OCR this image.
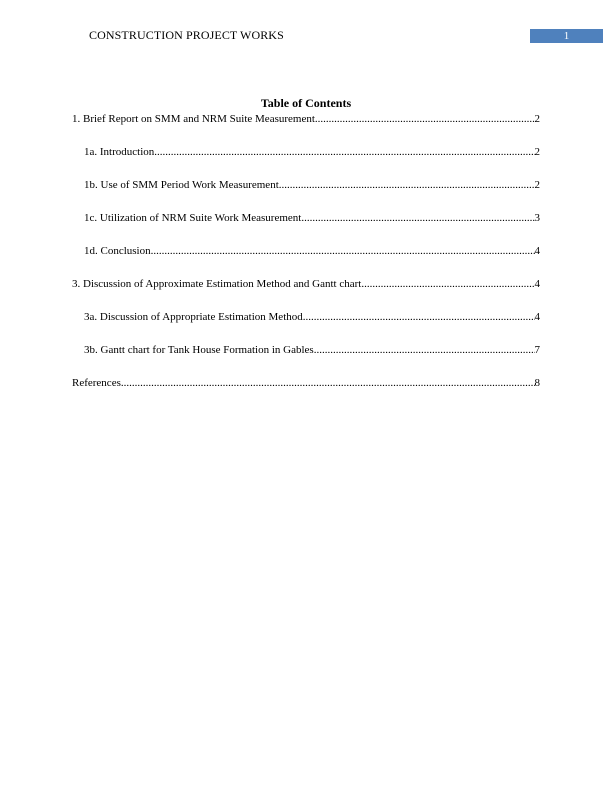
CONSTRUCTION PROJECT WORKS	1
Table of Contents
1. Brief Report on SMM and NRM Suite Measurement .....	2
1a. Introduction .....	2
1b. Use of SMM Period Work Measurement .....	2
1c. Utilization of NRM Suite Work Measurement .....	3
1d. Conclusion .....	4
3. Discussion of Approximate Estimation Method and Gantt chart .....	4
3a. Discussion of Appropriate Estimation Method .....	4
3b. Gantt chart for Tank House Formation in Gables .....	7
References .....	8
